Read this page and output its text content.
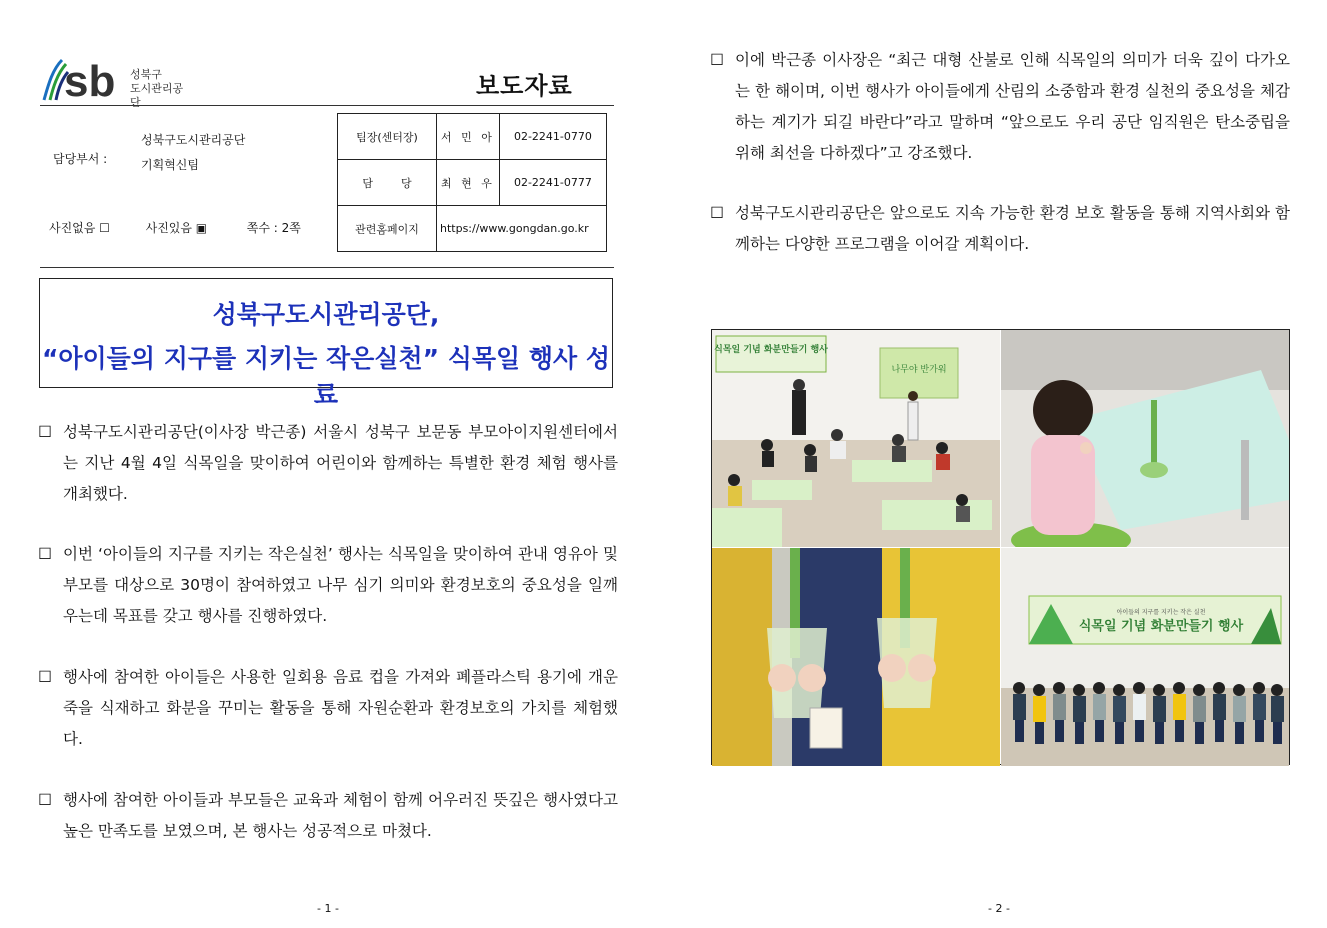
sb 성북구
도시관리공단
보도자료
담당부서 :
성북구도시관리공단
기획혁신팀
사진없음 ☐	사진있음 ▣	쪽수 : 2쪽
팀장(센터장)	서 민 아	02-2241-0770
담        당	최 현 우	02-2241-0777
관련홈페이지	https://www.gongdan.go.kr	
성북구도시관리공단,
“아이들의 지구를 지키는 작은실천” 식목일 행사 성료
☐ 성북구도시관리공단(이사장 박근종) 서울시 성북구 보문동 부모아이지원센터에서는 지난 4월 4일 식목일을 맞이하여 어린이와 함께하는 특별한 환경 체험 행사를 개최했다.
☐ 이번 ‘아이들의 지구를 지키는 작은실천’ 행사는 식목일을 맞이하여 관내 영유아 및 부모를 대상으로 30명이 참여하였고 나무 심기 의미와 환경보호의 중요성을 일깨우는데 목표를 갖고 행사를 진행하였다.
☐ 행사에 참여한 아이들은 사용한 일회용 음료 컵을 가져와 폐플라스틱 용기에 개운죽을 식재하고 화분을 꾸미는 활동을 통해 자원순환과 환경보호의 가치를 체험했다.
☐ 행사에 참여한 아이들과 부모들은 교육과 체험이 함께 어우러진 뜻깊은 행사였다고 높은 만족도를 보였으며, 본 행사는 성공적으로 마쳤다.
- 1 -
☐ 이에 박근종 이사장은 “최근 대형 산불로 인해 식목일의 의미가 더욱 깊이 다가오는 한 해이며, 이번 행사가 아이들에게 산림의 소중함과 환경 실천의 중요성을 체감하는 계기가 되길 바란다”라고 말하며 “앞으로도 우리 공단 임직원은 탄소중립을 위해 최선을 다하겠다”고 강조했다.
☐ 성북구도시관리공단은 앞으로도 지속 가능한 환경 보호 활동을 통해 지역사회와 함께하는 다양한 프로그램을 이어갈 계획이다.
식목일 기념 화분만들기 행사
나무야 반가워
아이들의 지구를 지키는 작은 실천
식목일 기념 화분만들기 행사
- 2 -
